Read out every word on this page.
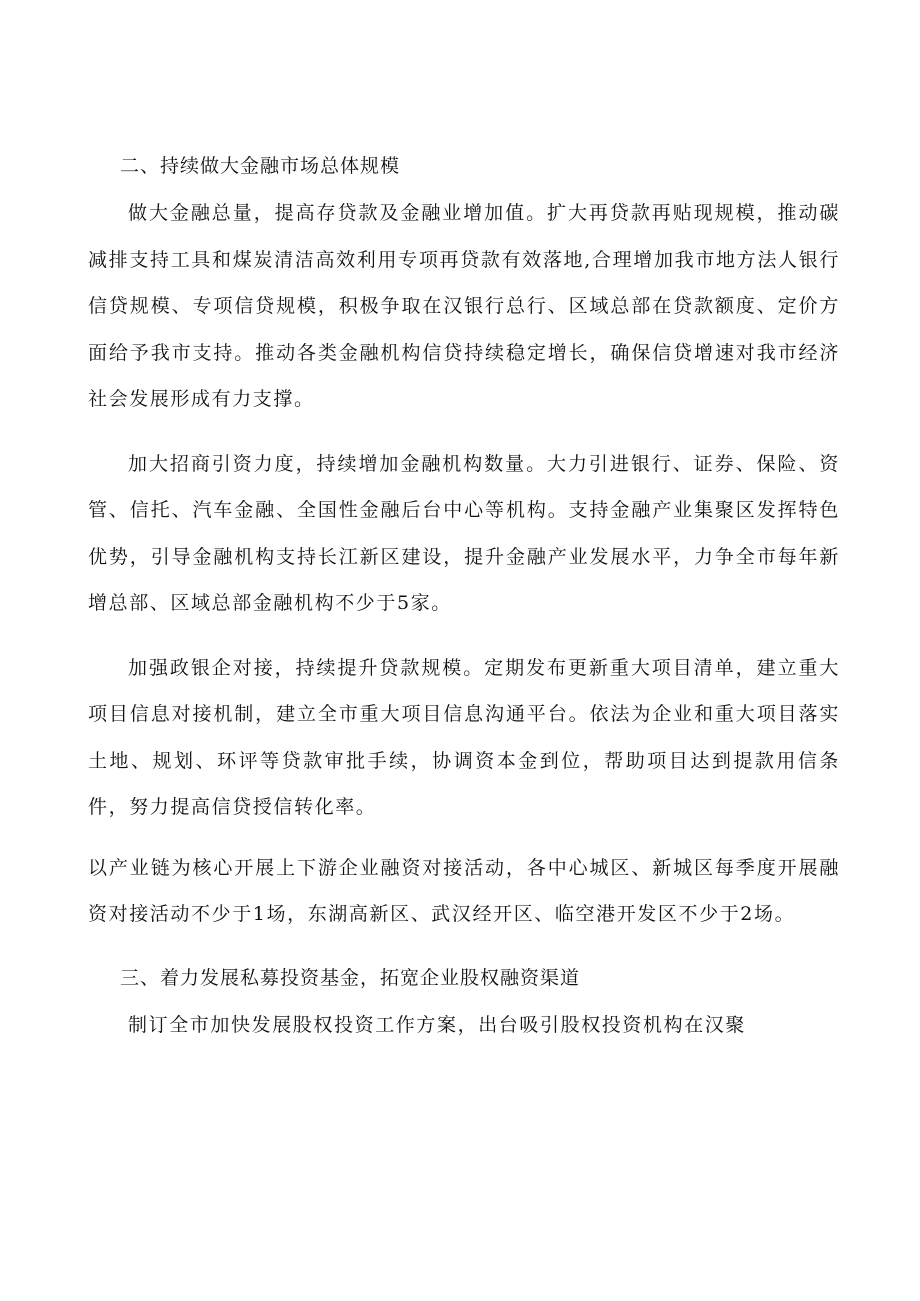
二、持续做大金融市场总体规模

做大金融总量，提高存贷款及金融业增加值。扩大再贷款再贴现规模，推动碳减排支持工具和煤炭清洁高效利用专项再贷款有效落地,合理增加我市地方法人银行信贷规模、专项信贷规模，积极争取在汉银行总行、区域总部在贷款额度、定价方面给予我市支持。推动各类金融机构信贷持续稳定增长，确保信贷增速对我市经济社会发展形成有力支撑。

加大招商引资力度，持续增加金融机构数量。大力引进银行、证券、保险、资管、信托、汽车金融、全国性金融后台中心等机构。支持金融产业集聚区发挥特色优势，引导金融机构支持长江新区建设，提升金融产业发展水平，力争全市每年新增总部、区域总部金融机构不少于5家。

加强政银企对接，持续提升贷款规模。定期发布更新重大项目清单，建立重大项目信息对接机制，建立全市重大项目信息沟通平台。依法为企业和重大项目落实土地、规划、环评等贷款审批手续，协调资本金到位，帮助项目达到提款用信条件，努力提高信贷授信转化率。

以产业链为核心开展上下游企业融资对接活动，各中心城区、新城区每季度开展融资对接活动不少于1场，东湖高新区、武汉经开区、临空港开发区不少于2场。

三、着力发展私募投资基金，拓宽企业股权融资渠道

制订全市加快发展股权投资工作方案，出台吸引股权投资机构在汉聚
